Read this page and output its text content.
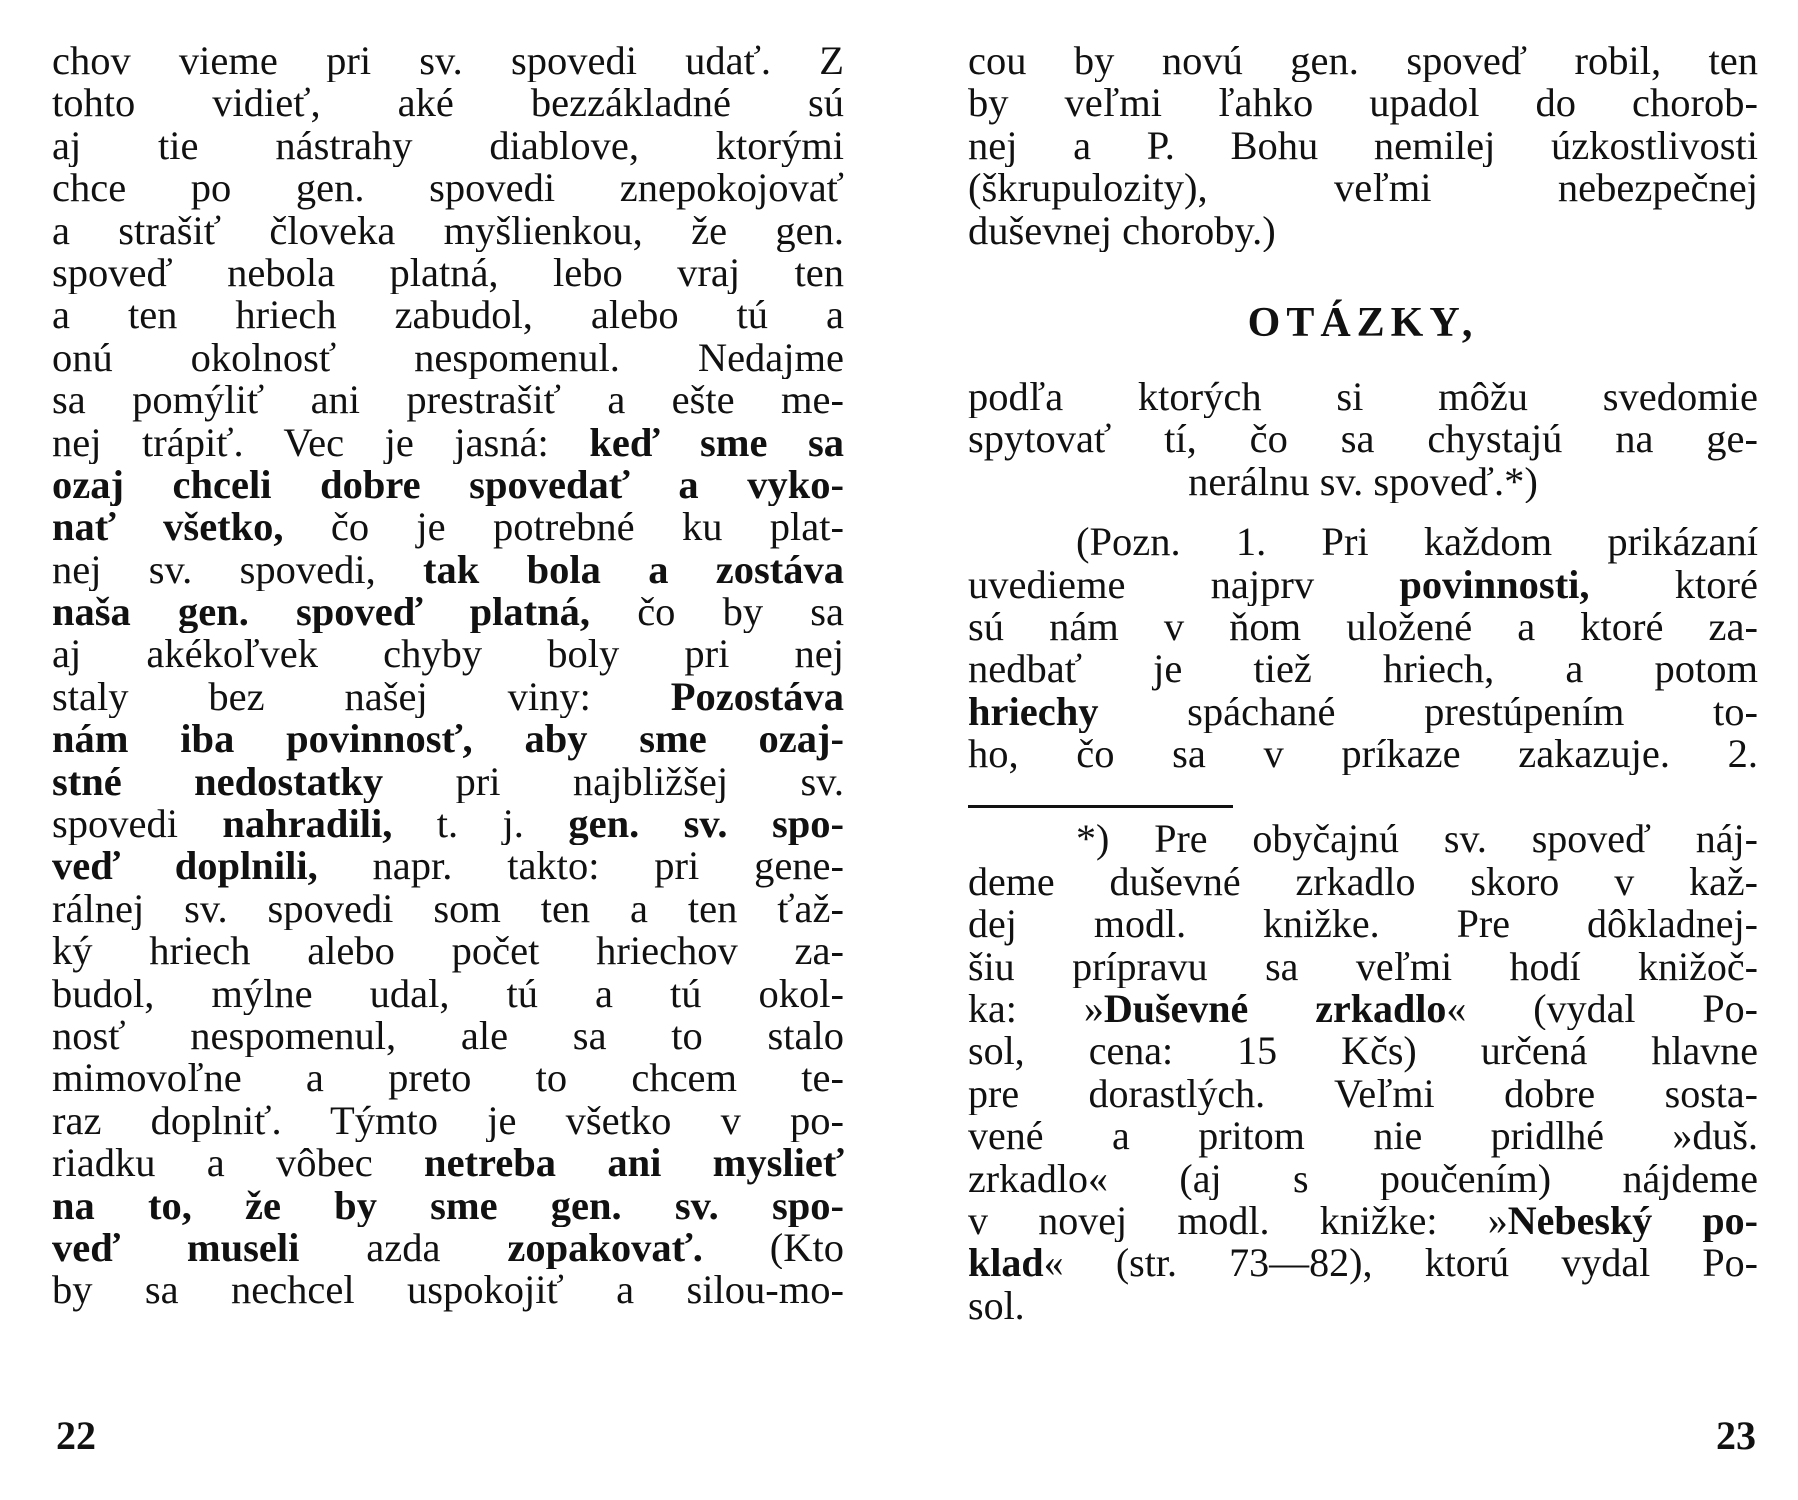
chov vieme pri sv. spovedi udať. Z
tohto vidieť, aké bezzákladné sú
aj tie nástrahy diablove, ktorými
chce po gen. spovedi znepokojovať
a strašiť človeka myšlienkou, že gen.
spoveď nebola platná, lebo vraj ten
a ten hriech zabudol, alebo tú a
onú okolnosť nespomenul. Nedajme
sa pomýliť ani prestrašiť a ešte me-
nej trápiť. Vec je jasná: keď sme sa
ozaj chceli dobre spovedať a vyko-
nať všetko, čo je potrebné ku plat-
nej sv. spovedi, tak bola a zostáva
naša gen. spoveď platná, čo by sa
aj akékoľvek chyby boly pri nej
staly bez našej viny: Pozostáva
nám iba povinnosť, aby sme ozaj-
stné nedostatky pri najbližšej sv.
spovedi nahradili, t. j. gen. sv. spo-
veď doplnili, napr. takto: pri gene-
rálnej sv. spovedi som ten a ten ťaž-
ký hriech alebo počet hriechov za-
budol, mýlne udal, tú a tú okol-
nosť nespomenul, ale sa to stalo
mimovoľne a preto to chcem te-
raz doplniť. Týmto je všetko v po-
riadku a vôbec netreba ani myslieť
na to, že by sme gen. sv. spo-
veď museli azda zopakovať. (Kto
by sa nechcel uspokojiť a silou-mo-
cou by novú gen. spoveď robil, ten
by veľmi ľahko upadol do chorob-
nej a P. Bohu nemilej úzkostlivosti
(škrupulozity), veľmi nebezpečnej
duševnej choroby.)
OTÁZKY,
podľa ktorých si môžu svedomie
spytovať tí, čo sa chystajú na ge-
nerálnu sv. spoveď.*)
(Pozn. 1. Pri každom prikázaní
uvedieme najprv povinnosti, ktoré
sú nám v ňom uložené a ktoré za-
nedbať je tiež hriech, a potom
hriechy spáchané prestúpením to-
ho, čo sa v príkaze zakazuje. 2.
*) Pre obyčajnú sv. spoveď náj-
deme duševné zrkadlo skoro v kaž-
dej modl. knižke. Pre dôkladnej-
šiu prípravu sa veľmi hodí knižoč-
ka: »Duševné zrkadlo« (vydal Po-
sol, cena: 15 Kčs) určená hlavne
pre dorastlých. Veľmi dobre sosta-
vené a pritom nie pridlhé »duš.
zrkadlo« (aj s poučením) nájdeme
v novej modl. knižke: »Nebeský po-
klad« (str. 73—82), ktorú vydal Po-
sol.
22	23
